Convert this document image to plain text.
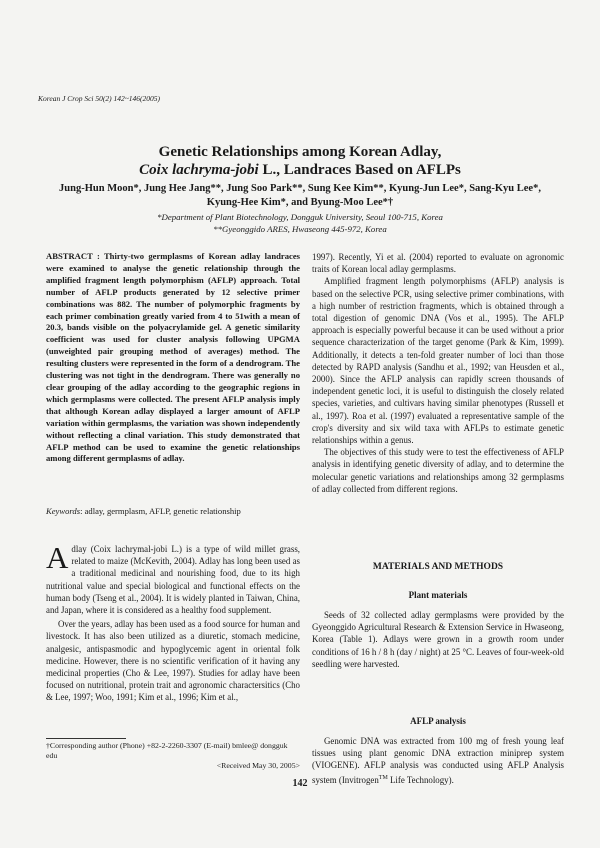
Korean J Crop Sci 50(2) 142~146(2005)
Genetic Relationships among Korean Adlay,
Coix lachryma-jobi L., Landraces Based on AFLPs
Jung-Hun Moon*, Jung Hee Jang**, Jung Soo Park**, Sung Kee Kim**, Kyung-Jun Lee*, Sang-Kyu Lee*,
Kyung-Hee Kim*, and Byung-Moo Lee*†
*Department of Plant Biotechnology, Dongguk University, Seoul 100-715, Korea
**Gyeonggido ARES, Hwaseong 445-972, Korea
ABSTRACT : Thirty-two germplasms of Korean adlay landraces were examined to analyse the genetic relationship through the amplified fragment length polymorphism (AFLP) approach. Total number of AFLP products generated by 12 selective primer combinations was 882. The number of polymorphic fragments by each primer combination greatly varied from 4 to 51with a mean of 20.3, bands visible on the polyacrylamide gel. A genetic similarity coefficient was used for cluster analysis following UPGMA (unweighted pair grouping method of averages) method. The resulting clusters were represented in the form of a dendrogram. The clustering was not tight in the dendrogram. There was generally no clear grouping of the adlay according to the geographic regions in which germplasms were collected. The present AFLP analysis imply that although Korean adlay displayed a larger amount of AFLP variation within germplasms, the variation was shown independently without reflecting a clinal variation. This study demonstrated that AFLP method can be used to examine the genetic relationships among different germplasms of adlay.
Keywords: adlay, germplasm, AFLP, genetic relationship

Adlay (Coix lachrymal-jobi L.) is a type of wild millet grass, related to maize (McKevith, 2004). Adlay has long been used as a traditional medicinal and nourishing food, due to its high nutritional value and special biological and functional effects on the human body (Tseng et al., 2004). It is widely planted in Taiwan, China, and Japan, where it is considered as a healthy food supplement.

Over the years, adlay has been used as a food source for human and livestock. It has also been utilized as a diuretic, stomach medicine, analgesic, antispasmodic and hypoglycemic agent in oriental folk medicine. However, there is no scientific verification of it having any medicinal properties (Cho & Lee, 1997). Studies for adlay have been focused on nutritional, protein trait and agronomic charactersitics (Cho & Lee, 1997; Woo, 1991; Kim et al., 1996; Kim et al.,

†Corresponding author (Phone) +82-2-2260-3307 (E-mail) bmlee@ dongguk edu
<Received May 30, 2005>

1997). Recently, Yi et al. (2004) reported to evaluate on agronomic traits of Korean local adlay germplasms.

Amplified fragment length polymorphisms (AFLP) analysis is based on the selective PCR, using selective primer combinations, with a high number of restriction fragments, which is obtained through a total digestion of genomic DNA (Vos et al., 1995). The AFLP approach is especially powerful because it can be used without a prior sequence characterization of the target genome (Park & Kim, 1999). Additionally, it detects a ten-fold greater number of loci than those detected by RAPD analysis (Sandhu et al., 1992; van Heusden et al., 2000). Since the AFLP analysis can rapidly screen thousands of independent genetic loci, it is useful to distinguish the closely related species, varieties, and cultivars having similar phenotypes (Russell et al., 1997). Roa et al. (1997) evaluated a representative sample of the crop's diversity and six wild taxa with AFLPs to estimate genetic relationships within a genus.

The objectives of this study were to test the effectiveness of AFLP analysis in identifying genetic diversity of adlay, and to determine the molecular genetic variations and relationships among 32 germplasms of adlay collected from different regions.

MATERIALS AND METHODS
Plant materials

Seeds of 32 collected adlay germplasms were provided by the Gyeonggido Agricultural Research & Extension Service in Hwaseong, Korea (Table 1). Adlays were grown in a growth room under conditions of 16 h / 8 h (day / night) at 25 °C. Leaves of four-week-old seedling were harvested.

AFLP analysis

Genomic DNA was extracted from 100 mg of fresh young leaf tissues using plant genomic DNA extraction miniprep system (VIOGENE). AFLP analysis was conducted using AFLP Analysis system (Invitrogen™ Life Technology).

142
